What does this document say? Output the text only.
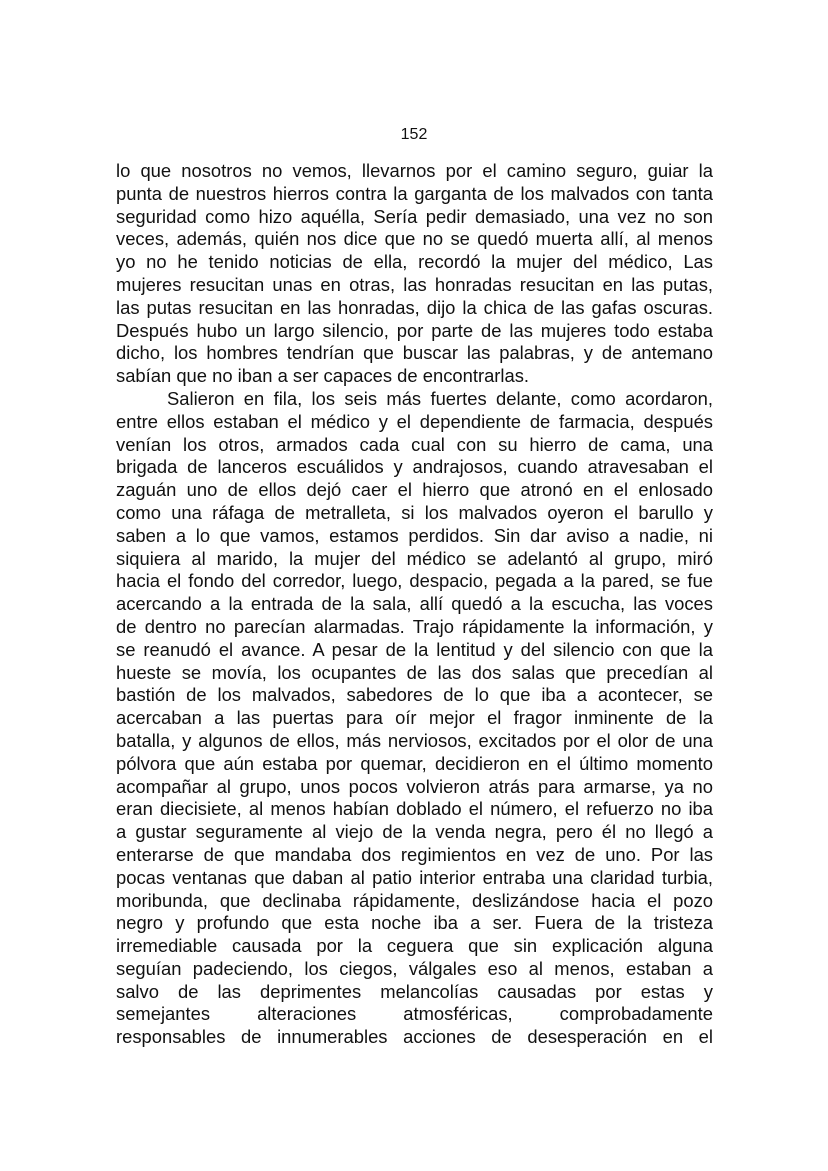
152
lo que nosotros no vemos, llevarnos por el camino seguro, guiar la
punta de nuestros hierros contra la garganta de los malvados con tanta
seguridad como hizo aquélla, Sería pedir demasiado, una vez no son
veces, además, quién nos dice que no se quedó muerta allí, al menos
yo no he tenido noticias de ella, recordó la mujer del médico, Las
mujeres resucitan unas en otras, las honradas resucitan en las putas,
las putas resucitan en las honradas, dijo la chica de las gafas oscuras.
Después hubo un largo silencio, por parte de las mujeres todo estaba
dicho, los hombres tendrían que buscar las palabras, y de antemano
sabían que no iban a ser capaces de encontrarlas.
Salieron en fila, los seis más fuertes delante, como acordaron,
entre ellos estaban el médico y el dependiente de farmacia, después
venían los otros, armados cada cual con su hierro de cama, una
brigada de lanceros escuálidos y andrajosos, cuando atravesaban el
zaguán uno de ellos dejó caer el hierro que atronó en el enlosado
como una ráfaga de metralleta, si los malvados oyeron el barullo y
saben a lo que vamos, estamos perdidos. Sin dar aviso a nadie, ni
siquiera al marido, la mujer del médico se adelantó al grupo, miró
hacia el fondo del corredor, luego, despacio, pegada a la pared, se fue
acercando a la entrada de la sala, allí quedó a la escucha, las voces
de dentro no parecían alarmadas. Trajo rápidamente la información, y
se reanudó el avance. A pesar de la lentitud y del silencio con que la
hueste se movía, los ocupantes de las dos salas que precedían al
bastión de los malvados, sabedores de lo que iba a acontecer, se
acercaban a las puertas para oír mejor el fragor inminente de la
batalla, y algunos de ellos, más nerviosos, excitados por el olor de una
pólvora que aún estaba por quemar, decidieron en el último momento
acompañar al grupo, unos pocos volvieron atrás para armarse, ya no
eran diecisiete, al menos habían doblado el número, el refuerzo no iba
a gustar seguramente al viejo de la venda negra, pero él no llegó a
enterarse de que mandaba dos regimientos en vez de uno. Por las
pocas ventanas que daban al patio interior entraba una claridad turbia,
moribunda, que declinaba rápidamente, deslizándose hacia el pozo
negro y profundo que esta noche iba a ser. Fuera de la tristeza
irremediable causada por la ceguera que sin explicación alguna
seguían padeciendo, los ciegos, válgales eso al menos, estaban a
salvo de las deprimentes melancolías causadas por estas y
semejantes alteraciones atmosféricas, comprobadamente
responsables de innumerables acciones de desesperación en el
